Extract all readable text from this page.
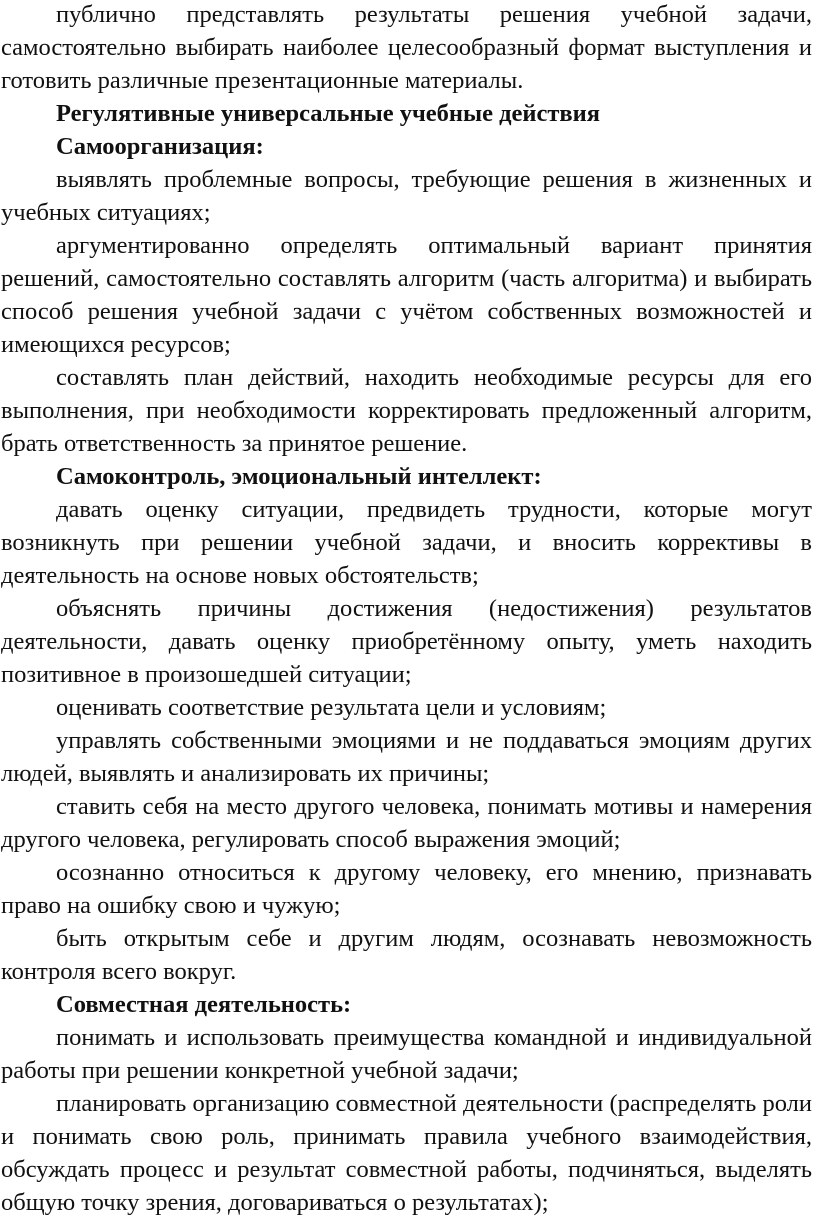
публично представлять результаты решения учебной задачи, самостоятельно выбирать наиболее целесообразный формат выступления и готовить различные презентационные материалы.

Регулятивные универсальные учебные действия

Самоорганизация:

выявлять проблемные вопросы, требующие решения в жизненных и учебных ситуациях;

аргументированно определять оптимальный вариант принятия решений, самостоятельно составлять алгоритм (часть алгоритма) и выбирать способ решения учебной задачи с учётом собственных возможностей и имеющихся ресурсов;

составлять план действий, находить необходимые ресурсы для его выполнения, при необходимости корректировать предложенный алгоритм, брать ответственность за принятое решение.

Самоконтроль, эмоциональный интеллект:

давать оценку ситуации, предвидеть трудности, которые могут возникнуть при решении учебной задачи, и вносить коррективы в деятельность на основе новых обстоятельств;

объяснять причины достижения (недостижения) результатов деятельности, давать оценку приобретённому опыту, уметь находить позитивное в произошедшей ситуации;

оценивать соответствие результата цели и условиям;

управлять собственными эмоциями и не поддаваться эмоциям других людей, выявлять и анализировать их причины;

ставить себя на место другого человека, понимать мотивы и намерения другого человека, регулировать способ выражения эмоций;

осознанно относиться к другому человеку, его мнению, признавать право на ошибку свою и чужую;

быть открытым себе и другим людям, осознавать невозможность контроля всего вокруг.

Совместная деятельность:

понимать и использовать преимущества командной и индивидуальной работы при решении конкретной учебной задачи;

планировать организацию совместной деятельности (распределять роли и понимать свою роль, принимать правила учебного взаимодействия, обсуждать процесс и результат совместной работы, подчиняться, выделять общую точку зрения, договариваться о результатах);
